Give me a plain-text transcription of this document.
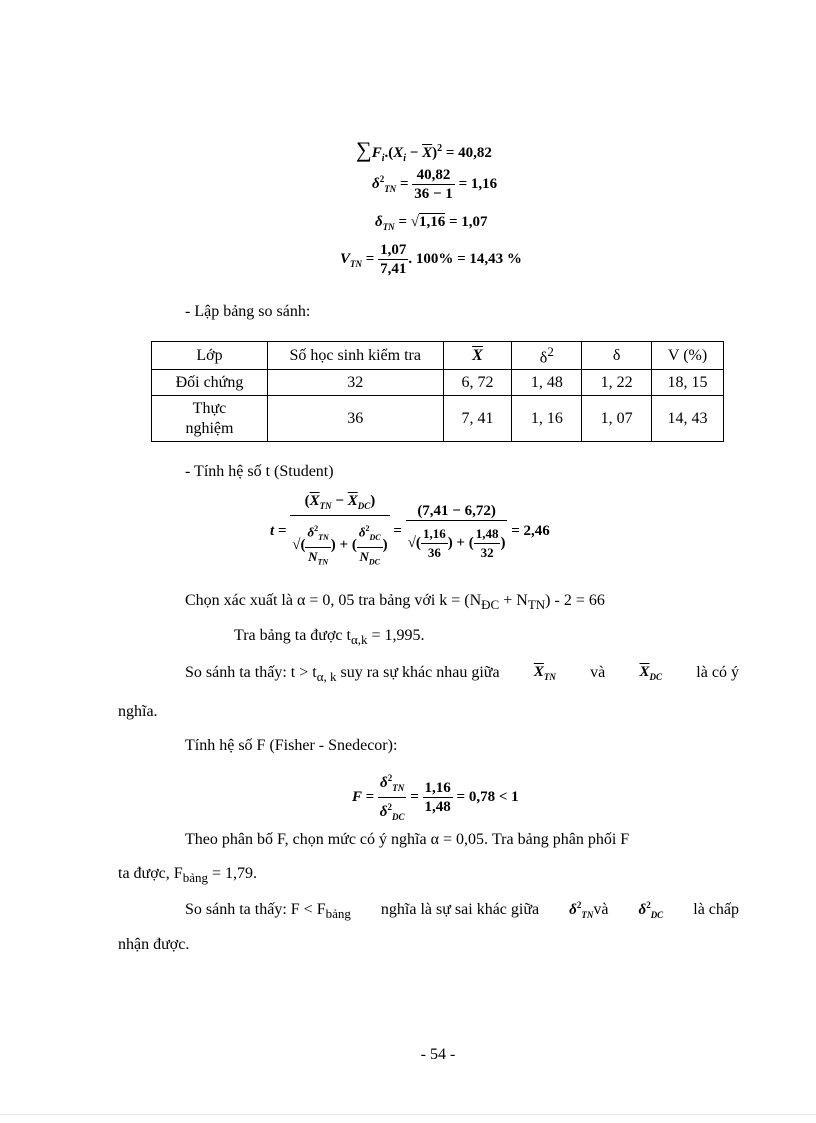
$\sum F_i.(X_i - \overline{X})^2 = 40,82$
$\delta^2_{TN} = \frac{40,82}{36 - 1} = 1,16$
$\delta_{TN} = √1,16 = 1,07$
$V_{TN} = \frac{1,07}{7,41}$ . 100% = 14,43 %
- Lập bảng so sánh:
Lớp	Số học sinh kiểm tra	$\overline{X}$	$\delta^2$	δ	V (%)
Đối chứng	32	6, 72	1, 48	1, 22	18, 15

Thực nghiệm	36	7, 41	1, 16	1, 07	14, 43
- Tính hệ số t (Student)
$t = \frac{(\overline{X}_{TN} - \overline{X}_{DC})}{√( \frac{\delta^2_{TN}}{N_{TN}} ) + ( \frac{\delta^2_{DC}}{N_{DC}} )} = \frac{(7,41 - 6,72)}{√( \frac{1,16}{36} ) + ( \frac{1,48}{32} )} = 2,46$
Chọn xác xuất là α = 0, 05 tra bảng với $k = (N_{ĐC} + N_{TN}) - 2 = 66$
Tra bảng ta được $t_{\alpha,k} = 1,995$.
So sánh ta thấy: $t > t_{\alpha, k}$ suy ra sự khác nhau giữa $\overline{X}_{TN}$ và $\overline{X}_{DC}$ là có ý
nghĩa.
Tính hệ số F (Fisher - Snedecor):
$F = \frac{\delta^2_{TN}}{\delta^2_{DC}} = \frac{1,16}{1,48} = 0,78 < 1$
Theo phân bố F, chọn mức có ý nghĩa α = 0,05. Tra bảng phân phối F
ta được, $F_{bảng} = 1,79$.
So sánh ta thấy: $F < F_{bảng}$ nghĩa là sự sai khác giữa $\delta^2_{TN}và$ $\delta^2_{DC}$ là chấp
nhận được.
- 54 -
